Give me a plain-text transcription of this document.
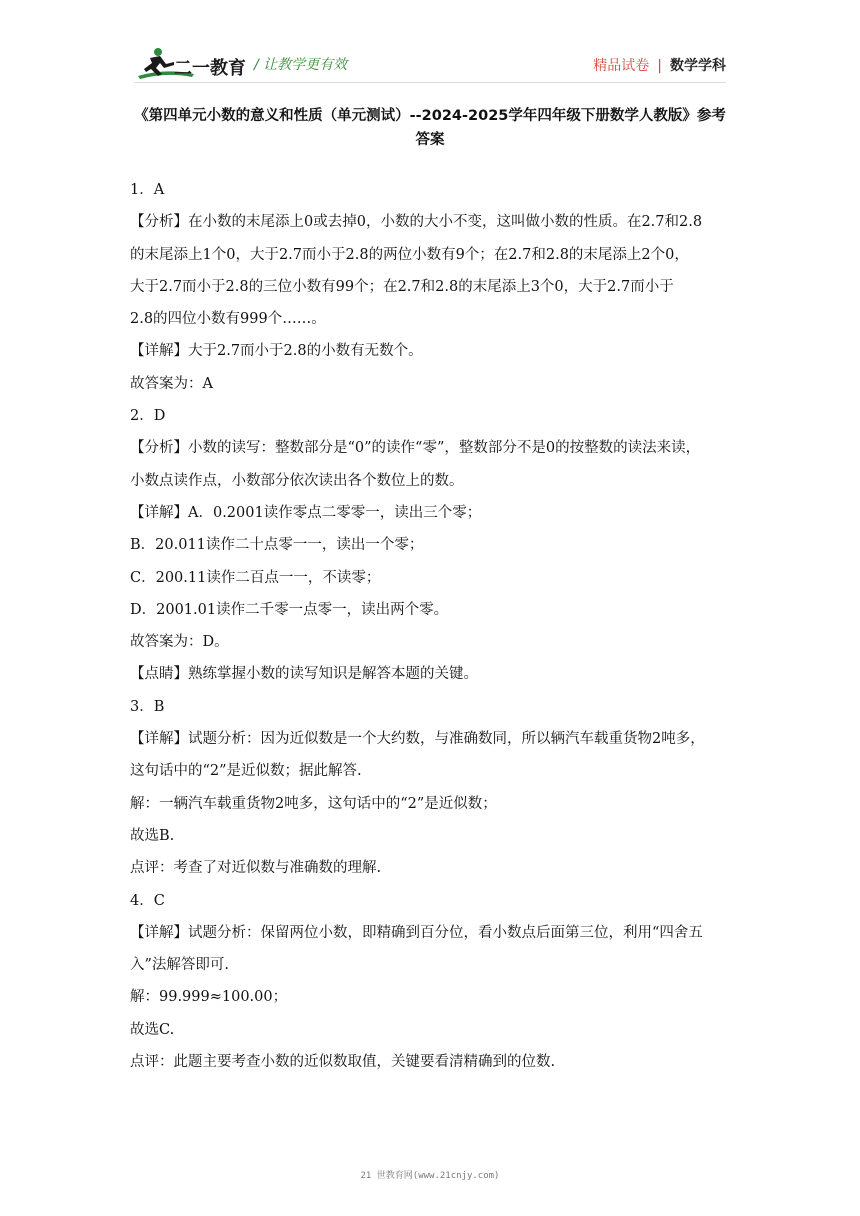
二一教育 / 让教学更有效	精品试卷 | 数学学科
《第四单元小数的意义和性质（单元测试）--2024-2025学年四年级下册数学人教版》参考
答案

1．A

【分析】在小数的末尾添上0或去掉0，小数的大小不变，这叫做小数的性质。在2.7和2.8

的末尾添上1个0，大于2.7而小于2.8的两位小数有9个；在2.7和2.8的末尾添上2个0，

大于2.7而小于2.8的三位小数有99个；在2.7和2.8的末尾添上3个0，大于2.7而小于

2.8的四位小数有999个……。

【详解】大于2.7而小于2.8的小数有无数个。

故答案为：A

2．D

【分析】小数的读写：整数部分是“0”的读作“零”，整数部分不是0的按整数的读法来读，

小数点读作点，小数部分依次读出各个数位上的数。

【详解】A．0.2001读作零点二零零一，读出三个零；

B．20.011读作二十点零一一，读出一个零；

C．200.11读作二百点一一，不读零；

D．2001.01读作二千零一点零一，读出两个零。

故答案为：D。

【点睛】熟练掌握小数的读写知识是解答本题的关键。

3．B

【详解】试题分析：因为近似数是一个大约数，与准确数同，所以辆汽车载重货物2吨多，

这句话中的“2”是近似数；据此解答.

解：一辆汽车载重货物2吨多，这句话中的“2”是近似数；

故选B.

点评：考查了对近似数与准确数的理解.

4．C

【详解】试题分析：保留两位小数，即精确到百分位，看小数点后面第三位，利用“四舍五

入”法解答即可.

解：99.999≈100.00；

故选C.

点评：此题主要考查小数的近似数取值，关键要看清精确到的位数.

21 世教育网(www.21cnjy.com)
